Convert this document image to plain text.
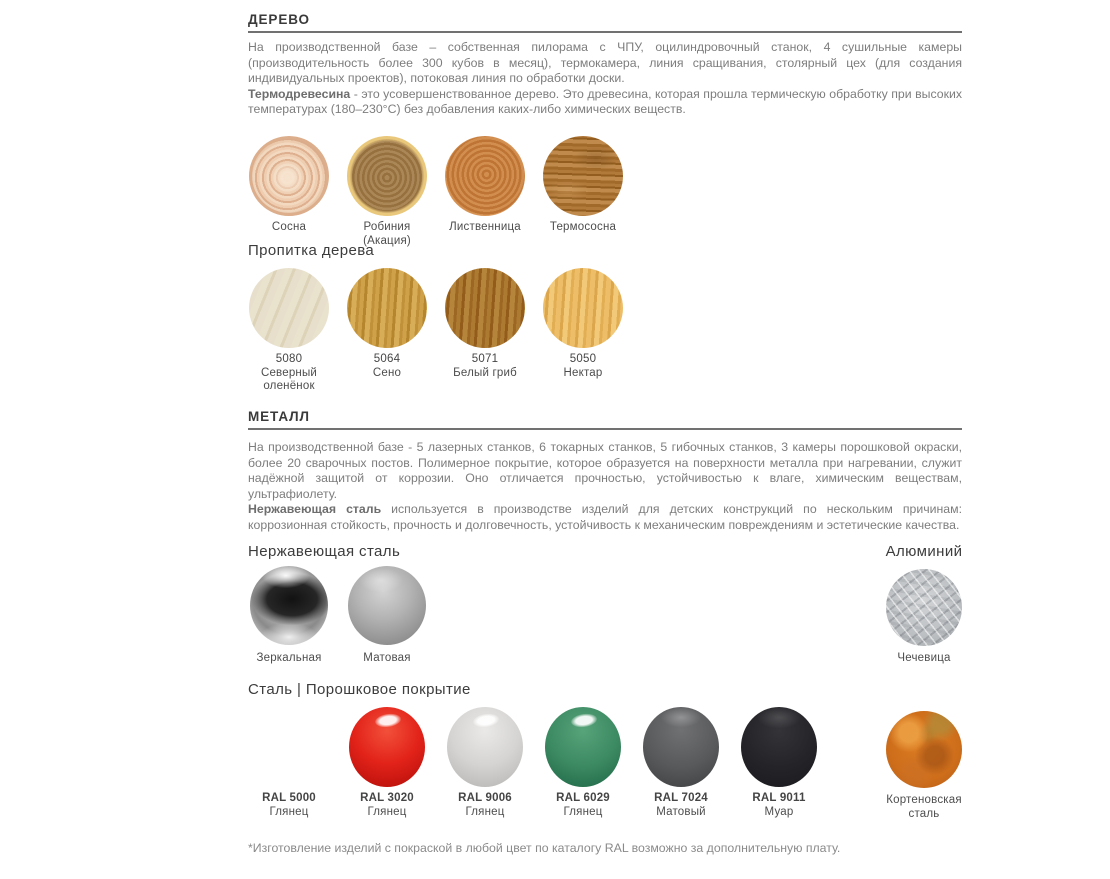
ДЕРЕВО

На производственной базе – собственная пилорама с ЧПУ, оцилиндровочный станок, 4 сушильные камеры (производительность более 300 кубов в месяц), термокамера, линия сращивания, столярный цех (для создания индивидуальных проектов), потоковая линия по обработки доски.

Термодревесина - это усовершенствованное дерево. Это древесина, которая прошла термическую обработку при высоких температурах (180–230°C) без добавления каких-либо химических веществ.

Сосна	Робиния (Акация)
Лиственница	Термососна
Пропитка дерева
5080
Северный оленёнок
5064
Сено
5071
Белый гриб
5050
Нектар
МЕТАЛЛ

На производственной базе - 5 лазерных станков, 6 токарных станков, 5 гибочных станков, 3 камеры порошковой окраски, более 20 сварочных постов. Полимерное покрытие, которое образуется на поверхности металла при нагревании, служит надёжной защитой от коррозии. Оно отличается прочностью, устойчивостью к влаге, химическим веществам, ультрафиолету.

Нержавеющая сталь используется в производстве изделий для детских конструкций по нескольким причинам: коррозионная стойкость, прочность и долговечность, устойчивость к механическим повреждениям и эстетические качества.

Нержавеющая сталь	Алюминий
Зеркальная	Матовая	Чечевица
Сталь | Порошковое покрытие
RAL 5000
Глянец
RAL 3020
Глянец
RAL 9006
Глянец
RAL 6029
Глянец
RAL 7024
Матовый
RAL 9011
Муар
Кортеновская сталь
*Изготовление изделий с покраской в любой цвет по каталогу RAL возможно за дополнительную плату.
